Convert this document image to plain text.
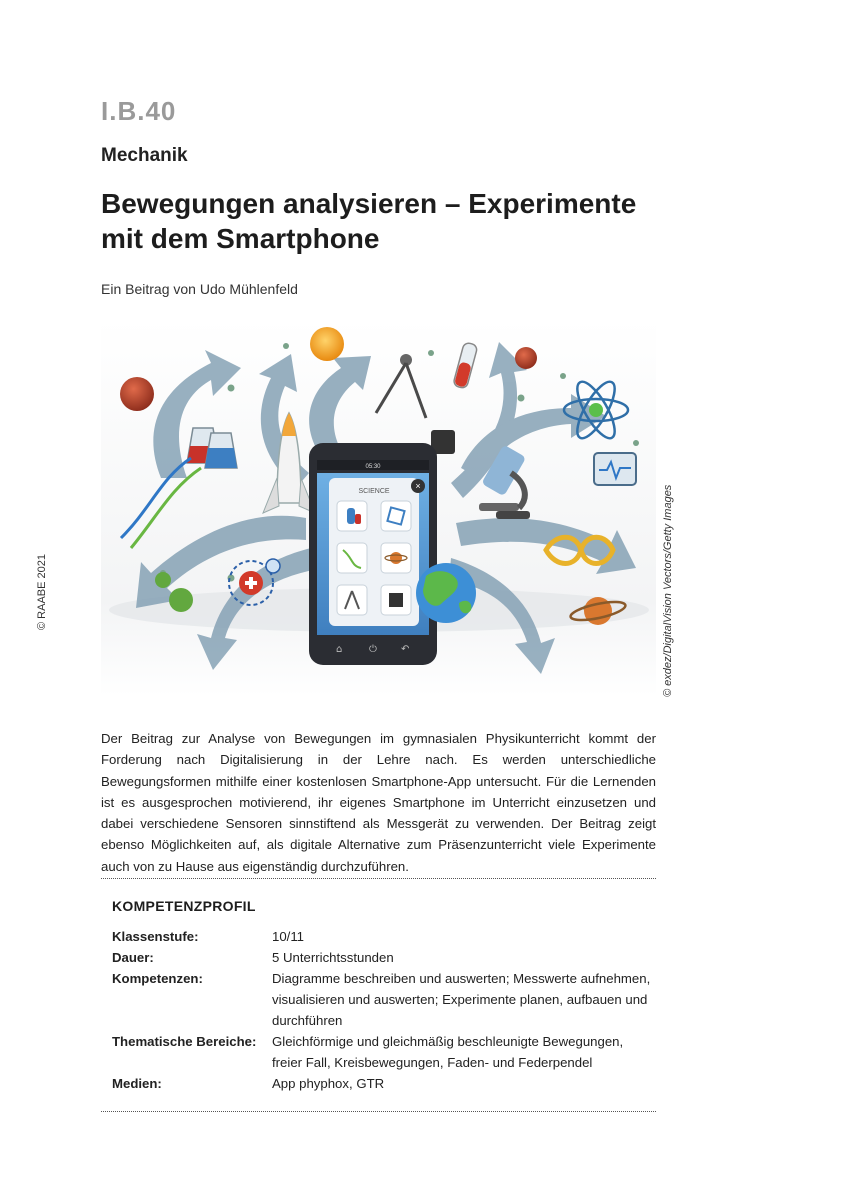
I.B.40
Mechanik
Bewegungen analysieren – Experimente
mit dem Smartphone
Ein Beitrag von Udo Mühlenfeld
© RAABE 2021
05:30
SCIENCE
×
⌂	⏻ ↶	© exdez/DigitalVision Vectors/Getty Images
Der Beitrag zur Analyse von Bewegungen im gymnasialen Physikunterricht kommt der Forderung nach Digitalisierung in der Lehre nach. Es werden unterschiedliche Bewegungsformen mithilfe einer kostenlosen Smartphone-App untersucht. Für die Lernenden ist es ausgesprochen motivierend, ihr eigenes Smartphone im Unterricht einzusetzen und dabei verschiedene Sensoren sinnstiftend als Messgerät zu verwenden. Der Beitrag zeigt ebenso Möglichkeiten auf, als digitale Alternative zum Präsenzunterricht viele Experimente auch von zu Hause aus eigenständig durchzuführen.
KOMPETENZPROFIL
Klassenstufe:	10/11
Dauer:	5 Unterrichtsstunden
Kompetenzen:	Diagramme beschreiben und auswerten; Messwerte aufnehmen, visualisieren und auswerten; Experimente planen, aufbauen und durchführen
Thematische Bereiche:	Gleichförmige und gleichmäßig beschleunigte Bewegungen, freier Fall, Kreisbewegungen, Faden- und Federpendel
Medien:	App phyphox, GTR
